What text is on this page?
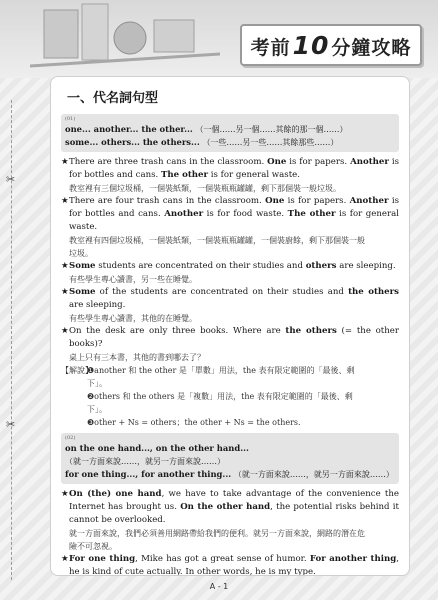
考前10 分鐘攻略
✂
✂
一、代名詞句型
(01)
one... another... the other... （一個……另一個……其餘的那一個……）
some... others... the others... （一些……另一些……其餘那些……）
★ There are three trash cans in the classroom. One is for papers. Another is for bottles and cans. The other is for general waste.
教室裡有三個垃圾桶，一個裝紙類，一個裝瓶瓶罐罐，剩下那個裝一般垃圾。
★ There are four trash cans in the classroom. One is for papers. Another is for bottles and cans. Another is for food waste. The other is for general waste.
教室裡有四個垃圾桶，一個裝紙類，一個裝瓶瓶罐罐，一個裝廚餘，剩下那個裝一般
垃圾。
★ Some students are concentrated on their studies and others are sleeping.
有些學生專心讀書，另一些在睡覺。
★ Some of the students are concentrated on their studies and the others are sleeping.
有些學生專心讀書，其他的在睡覺。
★ On the desk are only three books. Where are the others (= the other books)?
桌上只有三本書，其他的書到哪去了？
【解說】
❶another 和 the other 是「單數」用法，the 表有限定範圍的「最後、剩
下」。
❷others 和 the others 是「複數」用法，the 表有限定範圍的「最後、剩
下」。
❸other + Ns = others；the other + Ns = the others.
(02)
on the one hand..., on the other hand...
（就一方面來說……，就另一方面來說……）
for one thing..., for another thing... （就一方面來說……，就另一方面來說……）
★ On (the) one hand, we have to take advantage of the convenience the Internet has brought us. On the other hand, the potential risks behind it cannot be overlooked.
就一方面來說，我們必須善用網路帶給我們的便利。就另一方面來說，網路的潛在危
險不可忽視。
★ For one thing, Mike has got a great sense of humor. For another thing, he is kind of cute actually. In other words, he is my type.
A - 1
